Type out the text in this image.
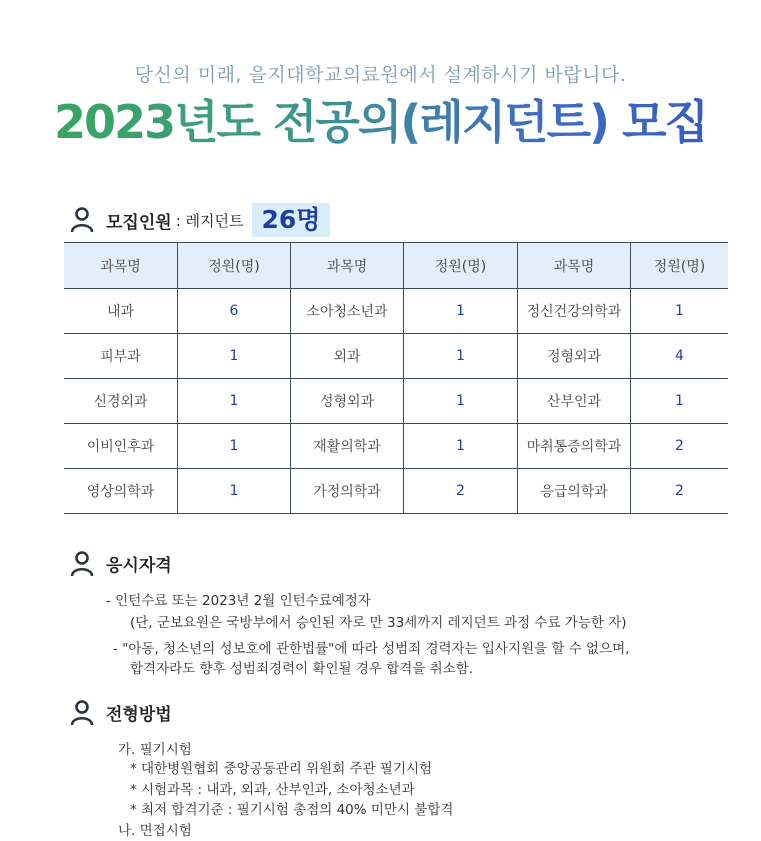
당신의 미래, 을지대학교의료원에서 설계하시기 바랍니다.
2023년도 전공의(레지던트) 모집
모집인원 : 레지던트 26명
과목명	정원(명)	과목명	정원(명)	과목명	정원(명)
내과	6	소아청소년과	1	정신건강의학과	1
피부과	1	외과	1	정형외과	4
신경외과	1	성형외과	1	산부인과	1
이비인후과	1	재활의학과	1	마취통증의학과	2
영상의학과	1	가정의학과	2	응급의학과	2
응시자격
- 인턴수료 또는 2023년 2월 인턴수료예정자
(단, 군보요원은 국방부에서 승인된 자로 만 33세까지 레지던트 과정 수료 가능한 자)
- "아동, 청소년의 성보호에 관한법률"에 따라 성범죄 경력자는 입사지원을 할 수 없으며,
합격자라도 향후 성범죄경력이 확인될 경우 합격을 취소함.
전형방법
가. 필기시험
* 대한병원협회 중앙공동관리 위원회 주관 필기시험
* 시험과목 : 내과, 외과, 산부인과, 소아청소년과
* 최저 합격기준 : 필기시험 총점의 40% 미만시 불합격
나. 면접시험
